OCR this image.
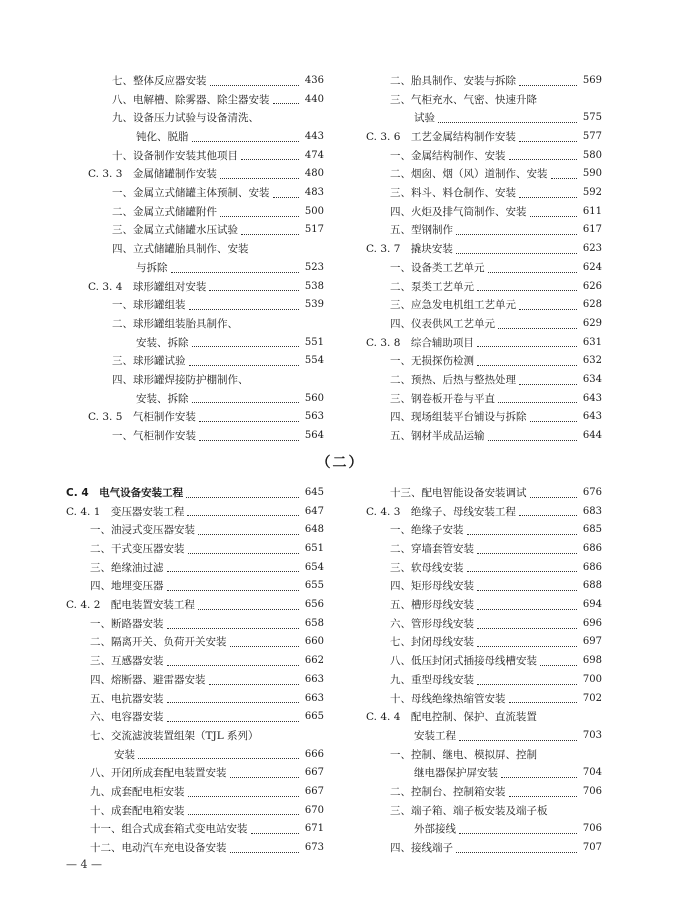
七、整体反应器安装	436
八、电解槽、除雾器、除尘器安装	440
九、设备压力试验与设备清洗、
钝化、脱脂	443
十、设备制作安装其他项目	474
C. 3. 3　金属储罐制作安装	480
一、金属立式储罐主体预制、安装	483
二、金属立式储罐附件	500
三、金属立式储罐水压试验	517
四、立式储罐胎具制作、安装
与拆除	523
C. 3. 4　球形罐组对安装	538
一、球形罐组装	539
二、球形罐组装胎具制作、
安装、拆除	551
三、球形罐试验	554
四、球形罐焊接防护棚制作、
安装、拆除	560
C. 3. 5　气柜制作安装	563
一、气柜制作安装	564
二、胎具制作、安装与拆除	569
三、气柜充水、气密、快速升降
试验	575
C. 3. 6　工艺金属结构制作安装	577
一、金属结构制作、安装	580
二、烟囱、烟（风）道制作、安装	590
三、料斗、料仓制作、安装	592
四、火炬及排气筒制作、安装	611
五、型钢制作	617
C. 3. 7　撬块安装	623
一、设备类工艺单元	624
二、泵类工艺单元	626
三、应急发电机组工艺单元	628
四、仪表供风工艺单元	629
C. 3. 8　综合辅助项目	631
一、无损探伤检测	632
二、预热、后热与整热处理	634
三、钢卷板开卷与平直	643
四、现场组装平台铺设与拆除	643
五、钢材半成品运输	644
（二）
C. 4　电气设备安装工程	645
C. 4. 1　变压器安装工程	647
一、油浸式变压器安装	648
二、干式变压器安装	651
三、绝缘油过滤	654
四、地埋变压器	655
C. 4. 2　配电装置安装工程	656
一、断路器安装	658
二、隔离开关、负荷开关安装	660
三、互感器安装	662
四、熔断器、避雷器安装	663
五、电抗器安装	663
六、电容器安装	665
七、交流滤波装置组架（TJL 系列）
安装	666
八、开闭所成套配电装置安装	667
九、成套配电柜安装	667
十、成套配电箱安装	670
十一、组合式成套箱式变电站安装	671
十二、电动汽车充电设备安装	673
十三、配电智能设备安装调试	676
C. 4. 3　绝缘子、母线安装工程	683
一、绝缘子安装	685
二、穿墙套管安装	686
三、软母线安装	686
四、矩形母线安装	688
五、槽形母线安装	694
六、管形母线安装	696
七、封闭母线安装	697
八、低压封闭式插接母线槽安装	698
九、重型母线安装	700
十、母线绝缘热缩管安装	702
C. 4. 4　配电控制、保护、直流装置
安装工程	703
一、控制、继电、模拟屏、控制
继电器保护屏安装	704
二、控制台、控制箱安装	706
三、端子箱、端子板安装及端子板
外部接线	706
四、接线端子	707
— 4 —
